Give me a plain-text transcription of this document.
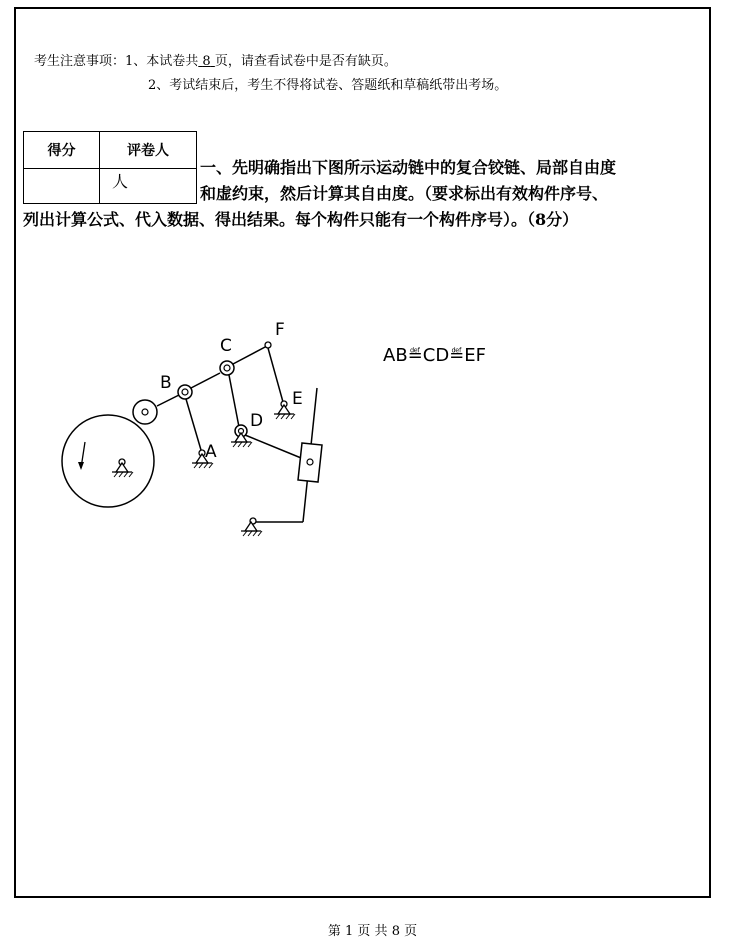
考生注意事项：1、本试卷共 8 页，请查看试卷中是否有缺页。
2、考试结束后，考生不得将试卷、答题纸和草稿纸带出考场。
得分	评卷人
	人
一、先明确指出下图所示运动链中的复合铰链、局部自由度
和虚约束，然后计算其自由度。（要求标出有效构件序号、
列出计算公式、代入数据、得出结果。每个构件只能有一个构件序号）。（8分）
AB≝CD≝EF
B
C
F
E
D
A
第 1 页 共 8 页
